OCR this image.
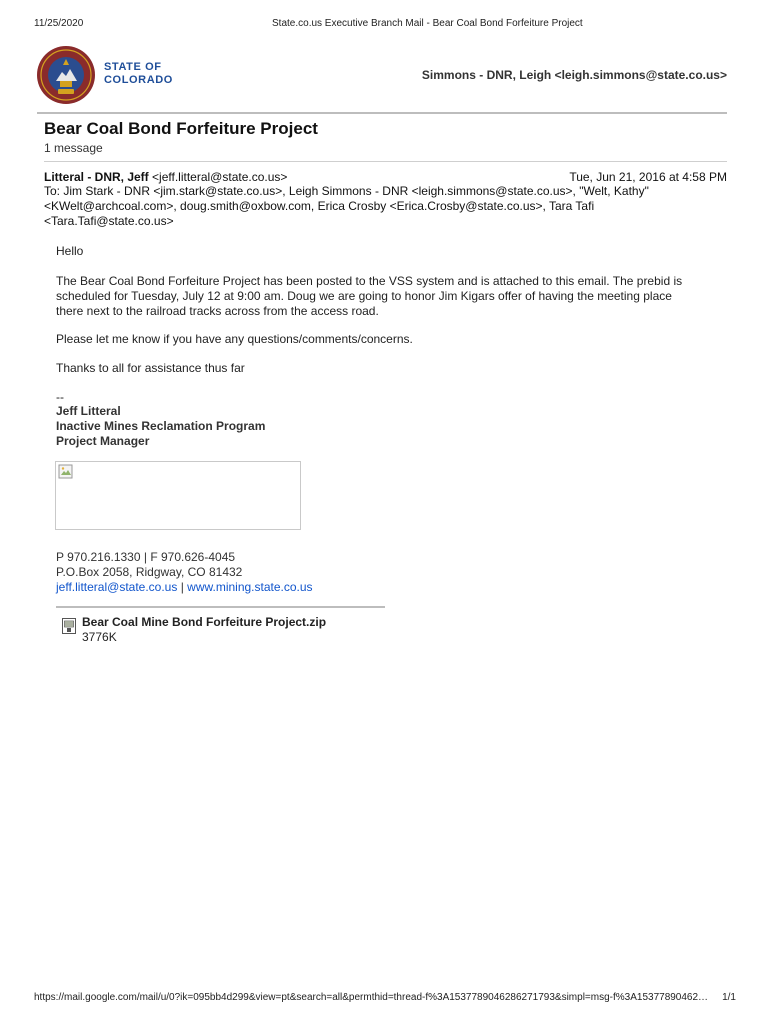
11/25/2020	State.co.us Executive Branch Mail - Bear Coal Bond Forfeiture Project
STATE OF
COLORADO	Simmons - DNR, Leigh <leigh.simmons@state.co.us>
Bear Coal Bond Forfeiture Project
1 message
Litteral - DNR, Jeff <jeff.litteral@state.co.us>	Tue, Jun 21, 2016 at 4:58 PM
To: Jim Stark - DNR <jim.stark@state.co.us>, Leigh Simmons - DNR <leigh.simmons@state.co.us>, "Welt, Kathy"
<KWelt@archcoal.com>, doug.smith@oxbow.com, Erica Crosby <Erica.Crosby@state.co.us>, Tara Tafi
<Tara.Tafi@state.co.us>
Hello
The Bear Coal Bond Forfeiture Project has been posted to the VSS system and is attached to this email. The prebid is
scheduled for Tuesday, July 12 at 9:00 am. Doug we are going to honor Jim Kigars offer of having the meeting place
there next to the railroad tracks across from the access road.
Please let me know if you have any questions/comments/concerns.
Thanks to all for assistance thus far
--
Jeff Litteral
Inactive Mines Reclamation Program
Project Manager
P 970.216.1330 | F 970.626-4045
P.O.Box 2058, Ridgway, CO 81432
jeff.litteral@state.co.us | www.mining.state.co.us
Bear Coal Mine Bond Forfeiture Project.zip
3776K
https://mail.google.com/mail/u/0?ik=095bb4d299&view=pt&search=all&permthid=thread-f%3A1537789046286271793&simpl=msg-f%3A15377890462…	1/1
